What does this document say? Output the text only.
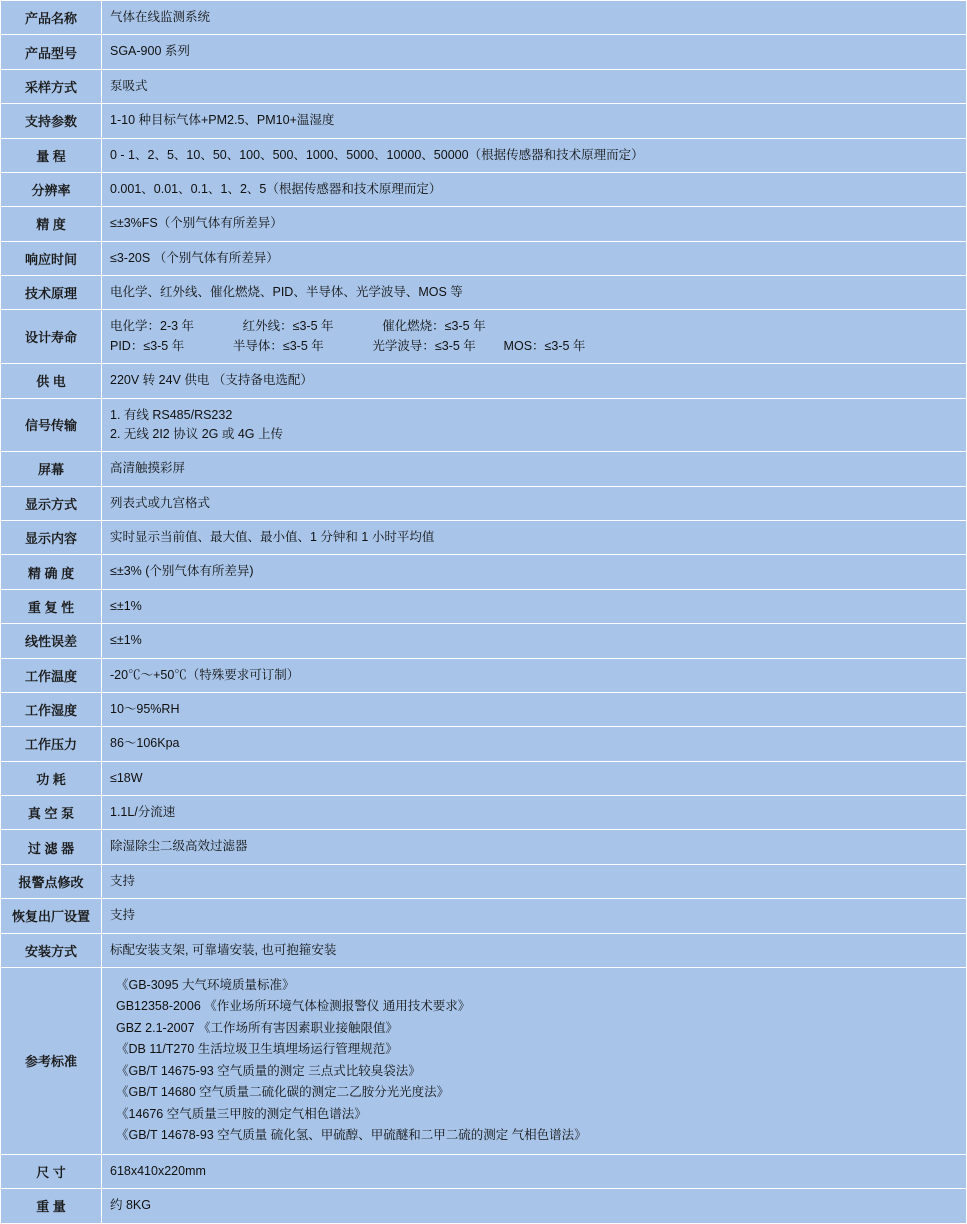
产品名称	气体在线监测系统
产品型号	SGA-900 系列
采样方式	泵吸式
支持参数	1-10 种目标气体+PM2.5、PM10+温湿度
量 程	0 - 1、2、5、10、50、100、500、1000、5000、10000、50000（根据传感器和技术原理而定）
分辨率	0.001、0.01、0.1、1、2、5（根据传感器和技术原理而定）
精 度	≤±3%FS（个别气体有所差异）
响应时间	≤3-20S （个别气体有所差异）
技术原理	电化学、红外线、催化燃烧、PID、半导体、光学波导、MOS 等
设计寿命	电化学：2-3 年              红外线：≤3-5 年              催化燃烧：≤3-5 年
PID：≤3-5 年              半导体：≤3-5 年              光学波导：≤3-5 年        MOS：≤3-5 年

供 电	220V 转 24V 供电 （支持备电选配）
信号传输	1. 有线 RS485/RS232
2. 无线 2I2 协议 2G 或 4G 上传

屏幕	高清触摸彩屏
显示方式	列表式或九宫格式
显示内容	实时显示当前值、最大值、最小值、1 分钟和 1 小时平均值
精 确 度	≤±3% (个别气体有所差异)
重 复 性	≤±1%
线性误差	≤±1%
工作温度	-20℃～+50℃（特殊要求可订制）
工作湿度	10～95%RH
工作压力	86～106Kpa
功 耗	≤18W
真 空 泵	1.1L/分流速
过 滤 器	除湿除尘二级高效过滤器
报警点修改	支持
恢复出厂设置	支持
安装方式	标配安装支架, 可靠墙安装, 也可抱箍安装
参考标准	
《GB-3095 大气环境质量标准》
GB12358-2006 《作业场所环境气体检测报警仪 通用技术要求》
GBZ 2.1-2007 《工作场所有害因素职业接触限值》
《DB 11/T270 生活垃圾卫生填埋场运行管理规范》
《GB/T 14675-93 空气质量的测定 三点式比较臭袋法》
《GB/T 14680 空气质量二硫化碳的测定二乙胺分光光度法》
《14676 空气质量三甲胺的测定气相色谱法》
《GB/T 14678-93 空气质量 硫化氢、甲硫醇、甲硫醚和二甲二硫的测定 气相色谱法》

尺 寸	618x410x220mm
重 量	约 8KG
